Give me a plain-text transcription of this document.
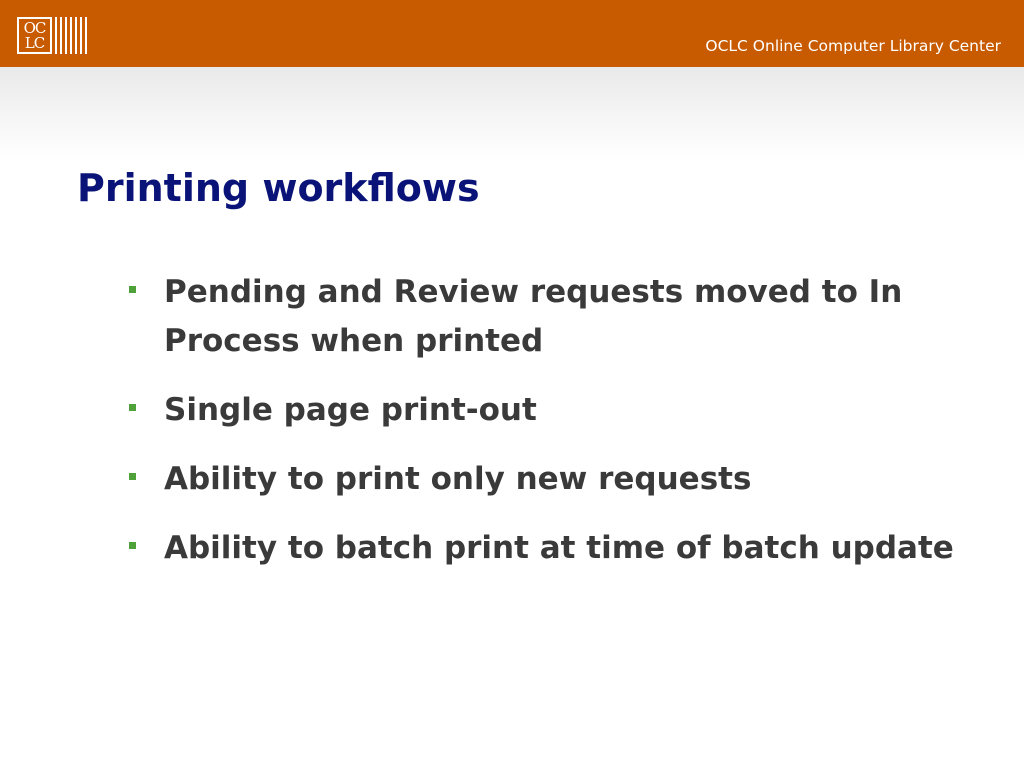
OC
LC	OCLC Online Computer Library Center
Printing workflows
Pending and Review requests moved to In Process when printed
Single page print-out
Ability to print only new requests
Ability to batch print at time of batch update
